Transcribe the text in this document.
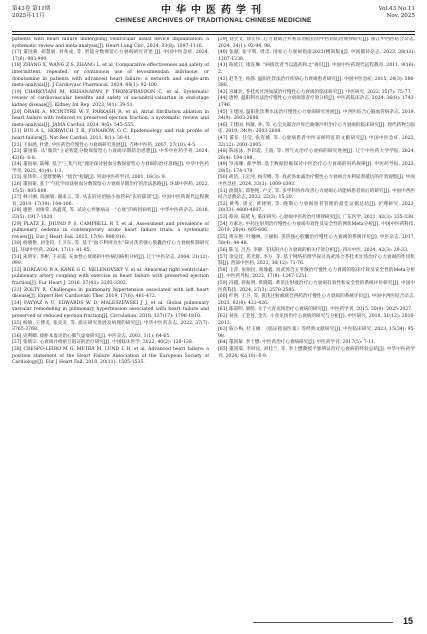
第43卷 第11期
2025年11月	中华中医药学刊
CHINESE ARCHIVES OF TRADITIONAL CHINESE MEDICINE
Vol.43 No.11
Nov. 2025
patients with heart failure undergoing ventricular assist device implantation: a systematic review and meta-analysis[J]. Heart Lung Circ, 2024, 33(8): 1097-1116.
[17] 董国菊, 胡慧娟, 刘兆成, 等. 智能分数保留心力衰竭研究评述 [J]. 中国中医急症, 2024, 17(6): 983-990.
[18] ZHANG X, WANG Z S, ZHANG L, et al. Comparative effectiveness and safety of intermittent, repeated, or continuous use of levosimendan, milrinone, or dobutamine in patients with advanced heart failure: a network and single-arm meta-analysis[J]. J Cardiovasc Pharmacol, 2024, 84(1): 92-100.
[19] CHARKVIANI M, KRISANAPAN P, THONGPRAYOON C, et al. Systematic review of cardiovascular benefits and safety of sacubitril-valsartan in end-stage kidney disease[J]. Kidney Int Rep, 2023, 9(1): 39-51.
[20] ORABI A, MCINTYRE W F, PARKASH R, et al. Atrial fibrillation ablation in heart failure with reduced vs preserved ejection fraction: a systematic review and meta-analysis[J]. JAMA Cardiol, 2024, 9(6): 545-555.
[21] BUI A L, HORWICH T B, FONAROW G C. Epidemiology and risk profile of heart failure[J]. Nat Rev Cardiol, 2011, 8(1): 30-41.
[22] 王雨涵, 杜建. 中医药治疗慢性心力衰竭研究进展[J]. 吉林中医药, 2007, 27(10): 4-5.
[23] 董国菊. 从"微饮"立论智能分数保留型心力衰竭早期防治思想[J]. 中华中医药学刊, 2024, 42(6): 6-8.
[24] 董国菊, 陆峰. 基于"三焦气化"理论探讨射血分数保留型心力衰竭的治疗思路[J]. 中华中医药学刊, 2023, 41(4): 1-3.
[25] 张炜伟.《金匮要略》"痰饮"析疑[J]. 河南中医药学刊, 2001, 16(3): 9.
[26] 董国菊. 基于"气化学说谈射血分数保留心力衰竭早期治疗的治法思路[J]. 环球中医药, 2022, 15(5): 805-808.
[27] 林兴刚, 陈丽娟, 谢求云, 等. 从玄府论治脑小血管病"玄府郁闭"[J]. 中国中医药现代远程教育, 2019, 17(19): 104-106.
[28] 谢艳, 刘俊荣, 高鑫雯, 等. 试论心怦脉病证一"心衰"的病因病机[J]. 中华中医药杂志, 2018, 33(5): 1917-1920.
[29] PLATZ E, JHUND P S, CAMPBELL R T, et al. Assessment and prevalence of pulmonary oedema in contemporary acute heart failure trials: a systematic review[J]. Eur J Heart Fail, 2015, 17(9): 906-916.
[30] 杨晓艳, 刘金钧, 王卫东, 等. 基于"血不利则为水"探讨芪苈强心胶囊治疗心力衰竭机制研究[J]. 环球中医药, 2024, 17(1): 81-85.
[31] 朱明军, 李彬, 王永霞. 充血性心衰竭的中医病因病机分析[J]. 辽宁中医杂志, 2004, 31(12): 999.
[32] BORLAUG B A, KANE G C, MELENOVSKY V, et al. Abnormal right ventricular-pulmonary artery coupling with exercise in heart failure with preserved ejection fraction[J]. Eur Heart J, 2016, 37(43): 3293-3302.
[33] ZOLTY R. Challenges in pulmonary hypertension associated with left heart disease[J]. Expert Rev Cardiovasc Ther, 2019, 17(6): 461-472.
[34] FAYYAZ A U, EDWARDS W D, MALESZEWSKI J J, et al. Global pulmonary vascular remodeling in pulmonary hypertension associated with heart failure and preserved or reduced ejection fraction[J]. Circulation, 2018, 137(17): 1796-1810.
[35] 杨敏, 王博炎, 张炎炎, 等. 痰证研究进展及病理的研究[J]. 中华中医药杂志, 2022, 37(7): 3765-3768.
[36] 史利卿. 痰瘀本虚论治心肺气虚衰研究[J]. 中医杂志, 2003, 1(1): 64-65.
[37] 张炳宗. 心衰竭并痰瘀互阻证的治疗研究[J]. 中国临床医学, 2022, 40(2): 126-128.
[38] CRESPO-LEIRO M G, METRA M, LUND L H, et al. Advanced heart failure: a position statement of the Heart Failure Association of the European Society of Cardiology[J]. Eur J Heart Fail, 2018, 20(11): 1505-1535.
[39] 刘全文, 徐正伟. 心力衰竭合并利尿剂抵抗的中医药防治规律研究[J]. 浙江中西医结合杂志, 2024, 34(1): 92-94, 98.
[40] 张献, 张宇辉, 周忠. 国家心力衰竭指南2023(精简版)[J]. 中国循环杂志, 2023, 38(12): 1207-1238.
[41] 陈延江, 康连琳. "病痰饮者当以温药和之"再识[J]. 中国中医药现代远程教育, 2011, 9(16): 2.
[42] 赵冬生, 孙静. 温阳化饮法治疗疾病心力衰竭患者研究[J]. 中国中医急症, 2015, 24(3): 386-388.
[43] 宫雄北. 苓桂术甘汤加减治疗慢性心力衰竭的临床研究[J]. 中医研究, 2022, 35(7): 75-77.
[44] 唐婷. 温阳利水法治疗慢性心力衰竭患者疗效分析[J]. 中医药临床杂志, 2024, 36(8): 1743-1746.
[45] 王建国. 温阳化饮利水法治疗慢性心力衰竭研究进展[J]. 中西医结合心脑血管病杂志, 2019, 34(9): 2603-2608.
[46] 王建国, 何敏, 孙, 等. 心宝丸联合沙库巴曲缬沙坦治疗心力衰竭的临床研究[J]. 现代药物与临床, 2019, 34(9): 2603-2608.
[47] 董菲, 任莹, 张连城, 等. 心衰病患者中医证候特征的文献研究[J]. 中国中医急症, 2023, 32(12): 2001-2005.
[48] 陈泳泳, 李彩霞, 王波, 等. 肾气丸治疗心衰病的研究进展[J]. 辽宁中医药大学学报, 2024, 26(4): 194-198.
[49] 罗雨珊, 郝学增. 基于数据挖掘探讨中医治疗心力衰竭的用药规律[J]. 中医药导报, 2023, 29(5): 174-179.
[50] 胡浩, 王定河, 杨雪峰, 等. 真武汤加减治疗慢性心力衰竭合并利尿剂抵抗的疗效观察[J]. 中国中医急症, 2024, 33(3): 1009-1093.
[51] 俞润东, 邱艳艳, 卢文, 等. 多学科协作改善心力衰竭心功能病患者预后的研究[J]. 中国中西医结合急救杂志, 2023, 22(3): 15-20.
[52] 黄秀, 周文, 黄建明, 等. 晚期心力衰竭患者管理的最佳证据总结[J]. 护理研究, 2023, 28(33): 4600-4607.
[53] 蔡涛, 陆延飞. 临床研究: 心衰竭中医药治疗规律研究[J]. 广东医学, 2021, 42(3): 335-338.
[54] 方素达. 中药注射剂治疗慢性心力衰竭有效性及安全性的网状Meta分析[J]. 中国中医药科技, 2019, 26(4): 605-606.
[55] 黄东艳, 叶穗林, 王丽娟. 芪苈强心胶囊治疗慢性心力衰竭的系统评价[J]. 中医杂志, 2017, 58(4): 44-48.
[56] 陈飞, 吕杰, 李静. 支扶阳兴心力衰竭的相关疗效分析[J]. 四川中医, 2024, 42(3): 29-33.
[57] 余克佳, 芪光辉, 李万, 等. 基于网络药理学探讨真武汤合苓桂术甘汤治疗心力衰竭的作用机制[J]. 西部中医药, 2023, 36(12): 71-76.
[58] 王萍, 张频民, 商瑜鑫. 真武汤合五苓散治疗慢性心力衰竭的临床疗效及安全性的Meta分析[J]. 中医药导报, 2022, 17(8): 1247-1251.
[59] 冯越, 蒋振明, 黄晓霞. 黄芪注射液治疗心力衰竭有效性和安全性的系统评价研究[J]. 中国中医药科技, 2024, 27(3): 2578-2585.
[60] 叶明, 王卫, 等. 黄芪注射液联合西药治疗慢性心力衰竭的系统评价[J]. 中国中西医结合杂志, 2023, 62(4): 422-426.
[61] 陈道明, 梁萌. 关于大青龙汤治疗心衰病的研究[J]. 中医药学刊, 2015, 30(9): 2025-2027.
[62] 刘喜, 王金莲, 金光. 小青龙汤治疗心衰病的研究与分析[J]. 中医研究, 2018, 31(12): 2010-2012.
[63] 陈小梅, 杜玉刚. 《临证指南医案》等经典文献研究[J]. 中医临床研究, 2023, 15(34): 95-98.
[64] 董国菊. 李士懋: 中医药治疗心衰病研究[J]. 中医药学刊, 2017(5): 7-11.
[65] 董国菊, 李时民, 刘桂兰, 等. 李士懋教授平脉辨证治疗心衰病的经验总结[J]. 中华中医药学刊, 2024, 42(10): 6-9.
15
